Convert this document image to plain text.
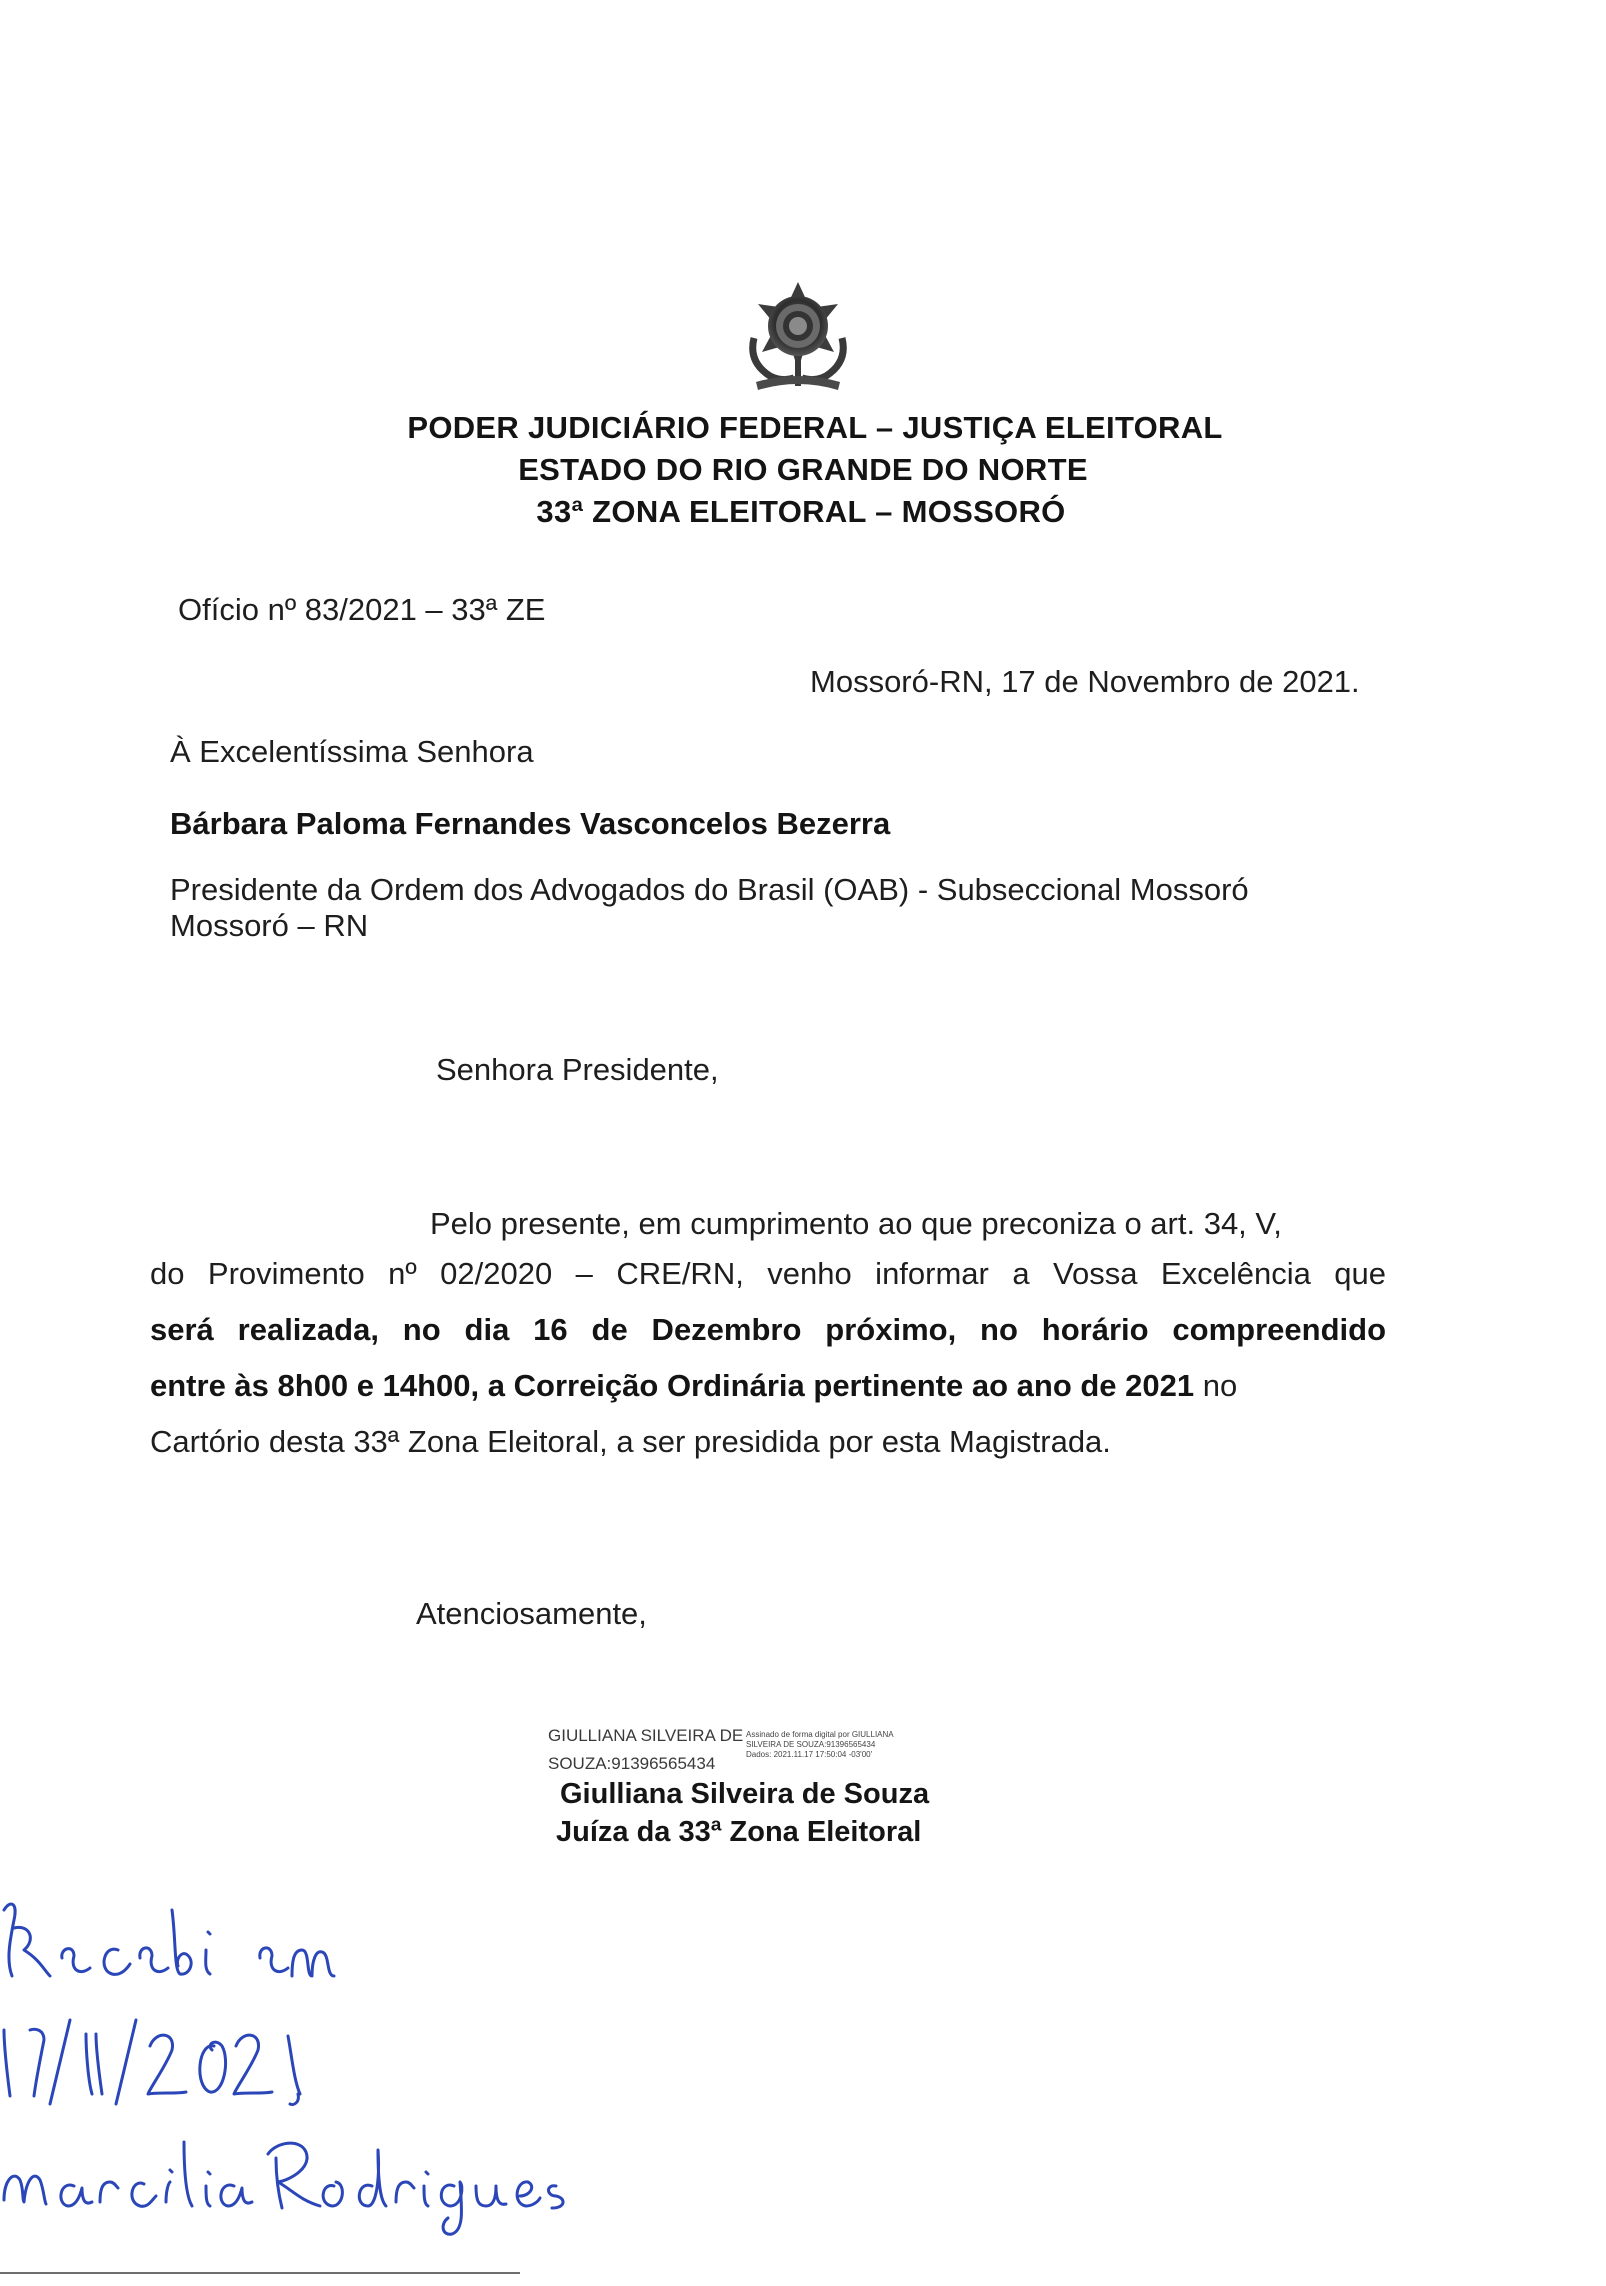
PODER JUDICIÁRIO FEDERAL – JUSTIÇA ELEITORAL
ESTADO DO RIO GRANDE DO NORTE
33ª ZONA ELEITORAL – MOSSORÓ
Ofício nº 83/2021 – 33ª ZE
Mossoró-RN, 17 de Novembro de 2021.
À Excelentíssima Senhora
Bárbara Paloma Fernandes Vasconcelos Bezerra
Presidente da Ordem dos Advogados do Brasil (OAB) - Subseccional Mossoró
Mossoró – RN
Senhora Presidente,
Pelo presente, em cumprimento ao que preconiza o art. 34, V,
do Provimento nº 02/2020 – CRE/RN, venho informar a Vossa Excelência que
será realizada, no dia 16 de Dezembro próximo, no horário compreendido
entre às 8h00 e 14h00, a Correição Ordinária pertinente ao ano de 2021 no
Cartório desta 33ª Zona Eleitoral, a ser presidida por esta Magistrada.
Atenciosamente,
GIULLIANA SILVEIRA DE
SOUZA:91396565434
Assinado de forma digital por GIULLIANA
SILVEIRA DE SOUZA:91396565434
Dados: 2021.11.17 17:50:04 -03'00'
Giulliana Silveira de Souza
Juíza da 33ª Zona Eleitoral
